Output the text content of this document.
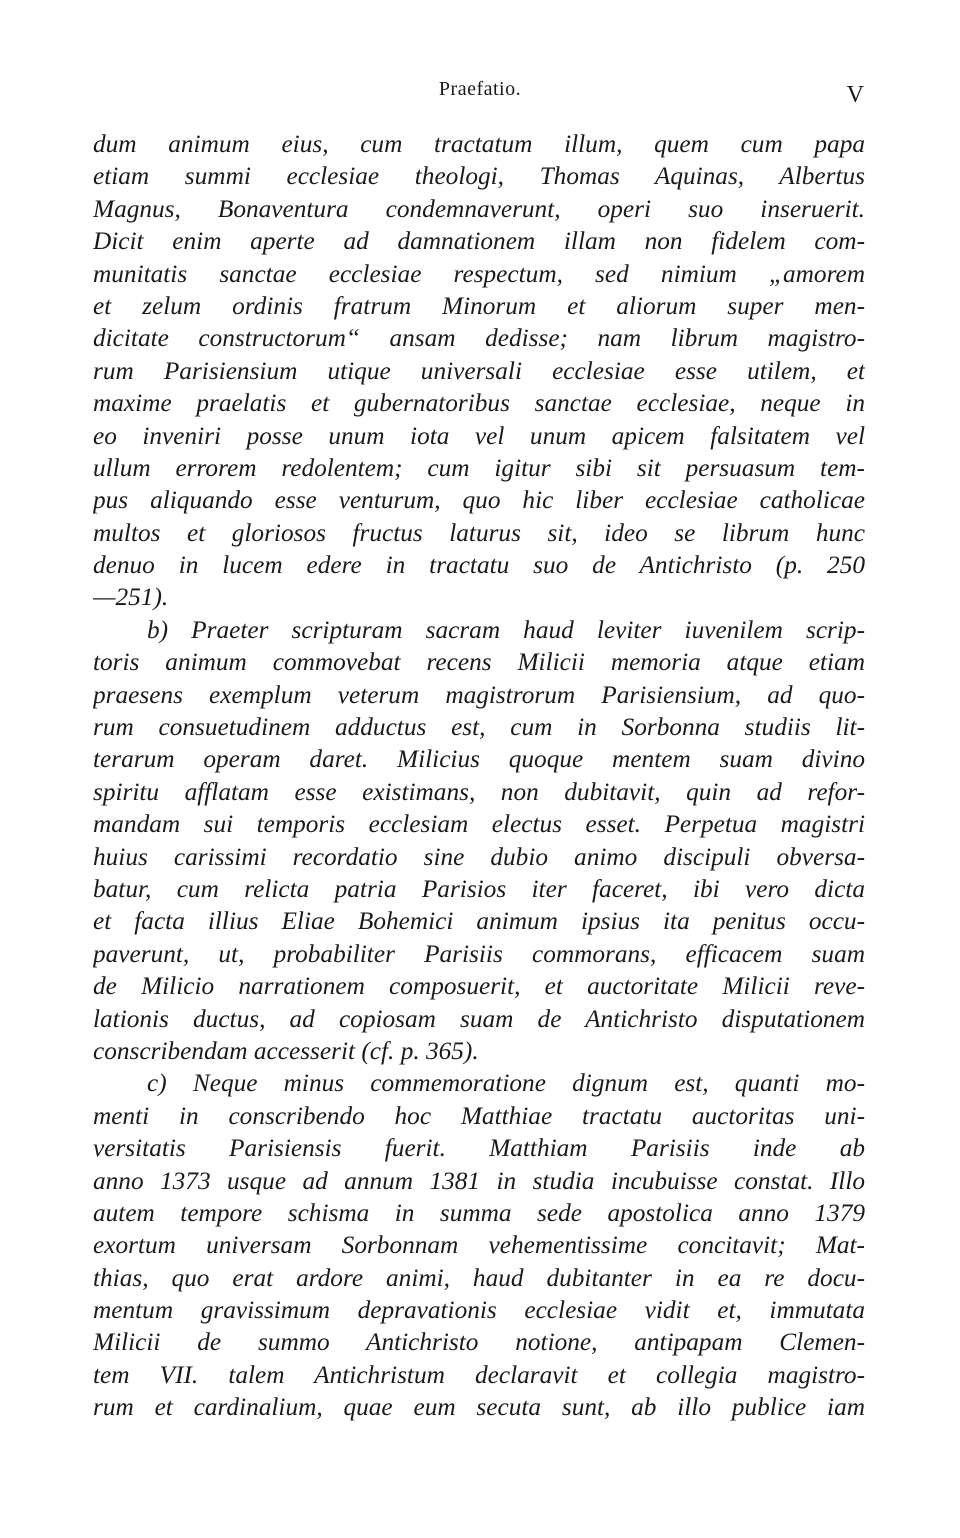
Praefatio.	V
dum animum eius, cum tractatum illum, quem cum papa
etiam summi ecclesiae theologi, Thomas Aquinas, Albertus
Magnus, Bonaventura condemnaverunt, operi suo inseruerit.
Dicit enim aperte ad damnationem illam non fidelem com-
munitatis sanctae ecclesiae respectum, sed nimium „amorem
et zelum ordinis fratrum Minorum et aliorum super men-
dicitate constructorum“ ansam dedisse; nam librum magistro-
rum Parisiensium utique universali ecclesiae esse utilem, et
maxime praelatis et gubernatoribus sanctae ecclesiae, neque in
eo inveniri posse unum iota vel unum apicem falsitatem vel
ullum errorem redolentem; cum igitur sibi sit persuasum tem-
pus aliquando esse venturum, quo hic liber ecclesiae catholicae
multos et gloriosos fructus laturus sit, ideo se librum hunc
denuo in lucem edere in tractatu suo de Antichristo (p. 250
—251).
b) Praeter scripturam sacram haud leviter iuvenilem scrip-
toris animum commovebat recens Milicii memoria atque etiam
praesens exemplum veterum magistrorum Parisiensium, ad quo-
rum consuetudinem adductus est, cum in Sorbonna studiis lit-
terarum operam daret. Milicius quoque mentem suam divino
spiritu afflatam esse existimans, non dubitavit, quin ad refor-
mandam sui temporis ecclesiam electus esset. Perpetua magistri
huius carissimi recordatio sine dubio animo discipuli obversa-
batur, cum relicta patria Parisios iter faceret, ibi vero dicta
et facta illius Eliae Bohemici animum ipsius ita penitus occu-
paverunt, ut, probabiliter Parisiis commorans, efficacem suam
de Milicio narrationem composuerit, et auctoritate Milicii reve-
lationis ductus, ad copiosam suam de Antichristo disputationem
conscribendam accesserit (cf. p. 365).
c) Neque minus commemoratione dignum est, quanti mo-
menti in conscribendo hoc Matthiae tractatu auctoritas uni-
versitatis Parisiensis fuerit. Matthiam Parisiis inde ab
anno 1373 usque ad annum 1381 in studia incubuisse constat. Illo
autem tempore schisma in summa sede apostolica anno 1379
exortum universam Sorbonnam vehementissime concitavit; Mat-
thias, quo erat ardore animi, haud dubitanter in ea re docu-
mentum gravissimum depravationis ecclesiae vidit et, immutata
Milicii de summo Antichristo notione, antipapam Clemen-
tem VII. talem Antichristum declaravit et collegia magistro-
rum et cardinalium, quae eum secuta sunt, ab illo publice iam
